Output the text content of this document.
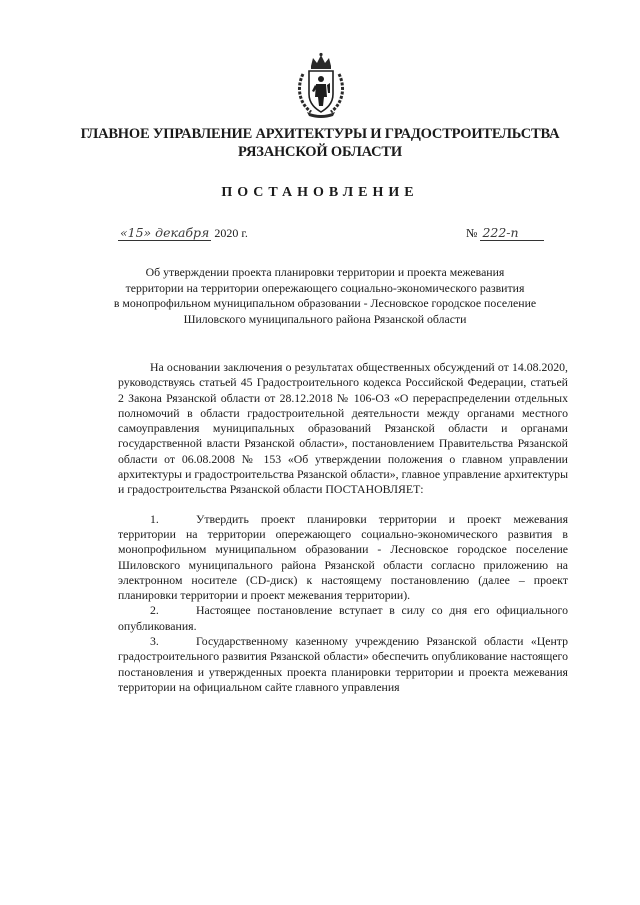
ГЛАВНОЕ УПРАВЛЕНИЕ АРХИТЕКТУРЫ И ГРАДОСТРОИТЕЛЬСТВА
РЯЗАНСКОЙ ОБЛАСТИ
ПОСТАНОВЛЕНИЕ
«15» декабря 2020 г.	№ 222-п
Об утверждении проекта планировки территории и проекта межевания
территории на территории опережающего социально-экономического развития
в монопрофильном муниципальном образовании - Лесновское городское поселение
Шиловского муниципального района Рязанской области

На основании заключения о результатах общественных обсуждений от 14.08.2020, руководствуясь статьей 45 Градостроительного кодекса Российской Федерации, статьей 2 Закона Рязанской области от 28.12.2018 № 106-ОЗ «О перераспределении отдельных полномочий в области градостроительной деятельности между органами местного самоуправления муниципальных образований Рязанской области и органами государственной власти Рязанской области», постановлением Правительства Рязанской области от 06.08.2008 № 153 «Об утверждении положения о главном управлении архитектуры и градостроительства Рязанской области», главное управление архитектуры и градостроительства Рязанской области ПОСТАНОВЛЯЕТ:

1.	Утвердить проект планировки территории и проект межевания территории на территории опережающего социально-экономического развития в монопрофильном муниципальном образовании - Лесновское городское поселение Шиловского муниципального района Рязанской области согласно приложению на электронном носителе (CD-диск) к настоящему постановлению (далее – проект планировки территории и проект межевания территории).
2.	Настоящее постановление вступает в силу со дня его официального опубликования.
3.	Государственному казенному учреждению Рязанской области «Центр градостроительного развития Рязанской области» обеспечить опубликование настоящего постановления и утвержденных проекта планировки территории и проекта межевания территории на официальном сайте главного управления
